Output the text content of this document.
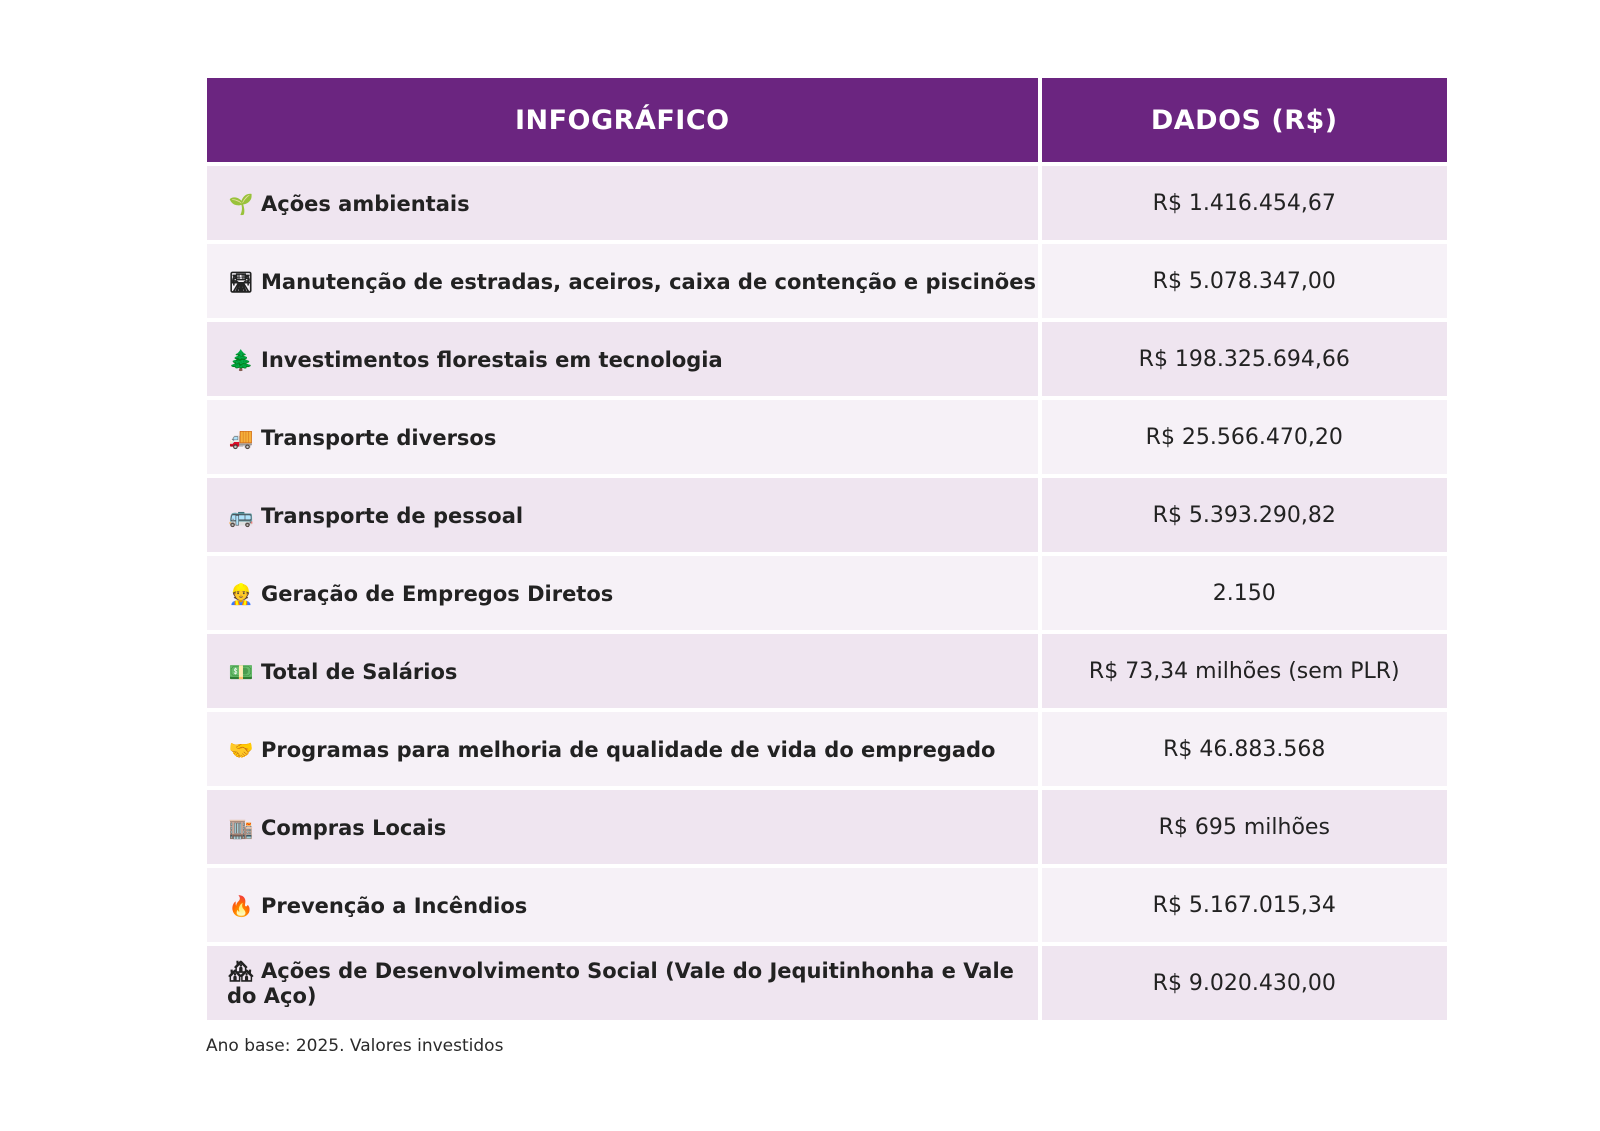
INFOGRÁFICO	DADOS (R$)
🌱 Ações ambientais	R$ 1.416.454,67
🛣 Manutenção de estradas, aceiros, caixa de contenção e piscinões	R$ 5.078.347,00
🌲 Investimentos florestais em tecnologia	R$ 198.325.694,66
🚚 Transporte diversos	R$ 25.566.470,20
🚌 Transporte de pessoal	R$ 5.393.290,82
👷 Geração de Empregos Diretos	2.150
💵 Total de Salários	R$ 73,34 milhões (sem PLR)
🤝 Programas para melhoria de qualidade de vida do empregado	R$ 46.883.568
🏬 Compras Locais	R$ 695 milhões
🔥 Prevenção a Incêndios	R$ 5.167.015,34
🏘 Ações de Desenvolvimento Social (Vale do Jequitinhonha e Vale do Aço)	R$ 9.020.430,00
Ano base: 2025. Valores investidos
